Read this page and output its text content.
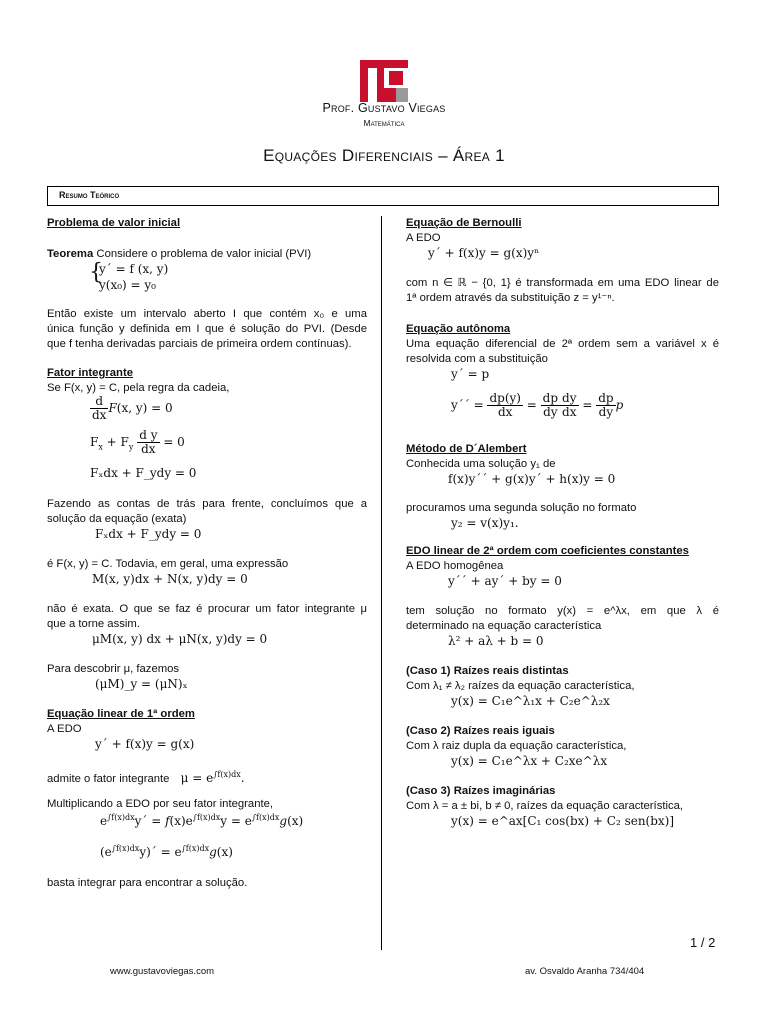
Prof. Gustavo Viegas
Matemática
Equações Diferenciais – Área 1
Resumo Teórico
Problema de valor inicial
Teorema Considere o problema de valor inicial (PVI)
{
y´ = f (x, y)
y(x₀) = y₀
Então existe um intervalo aberto I que contém x₀ e uma
única função y definida em I que é solução do PVI. (Desde
que f tenha derivadas parciais de primeira ordem contínuas).
Fator integrante
Se F(x, y) = C, pela regra da cadeia,
$\frac{d}{dx} F(x$, y) = 0
$F_x + F_y \frac{\text{d y}}{dx} = 0$
Fₓdx + F_ydy = 0
Fazendo as contas de trás para frente, concluímos que a
solução da equação (exata)
Fₓdx + F_ydy = 0
é F(x, y) = C. Todavia, em geral, uma expressão
M(x, y)dx + N(x, y)dy = 0
não é exata. O que se faz é procurar um fator integrante μ
que a torne assim.
μM(x, y) dx + μN(x, y)dy = 0
Para descobrir μ, fazemos
(μM)_y = (μN)ₓ
Equação linear de 1ª ordem
A EDO
y´ + f(x)y = g(x)
admite o fator integrante $\mu = e^{\int f(x)dx}$.
Multiplicando a EDO por seu fator integrante,
$e^{\int f(x)dx}y´ = f(x)e^{\int f(x)dx}y = e^{\int f(x)dx}g(x)$
$(e^{\int f(x)dx}y)´ = e^{\int f(x)dx}g(x)$
basta integrar para encontrar a solução.
Equação de Bernoulli
A EDO
y´ + f(x)y = g(x)yⁿ
com n ∈ ℝ − {0, 1} é transformada em uma EDO linear de
1ª ordem através da substituição z = y¹⁻ⁿ.
Equação autônoma
Uma equação diferencial de 2ª ordem sem a variável x é
resolvida com a substituição
y´ = p
y´´ = $\frac{dp(y)}{dx} = \frac{dp}{dy} \frac{dy}{dx} = \frac{dp}{dy}$ p
Método de D´Alembert
Conhecida uma solução y₁ de
f(x)y´´ + g(x)y´ + h(x)y = 0
procuramos uma segunda solução no formato
y₂ = v(x)y₁.
EDO linear de 2ª ordem com coeficientes constantes
A EDO homogênea
y´´ + ay´ + by = 0
tem solução no formato y(x) = e^λx, em que λ é
determinado na equação característica
λ² + aλ + b = 0
(Caso 1) Raízes reais distintas
Com λ₁ ≠ λ₂ raízes da equação característica,
y(x) = C₁e^λ₁x + C₂e^λ₂x
(Caso 2) Raízes reais iguais
Com λ raiz dupla da equação característica,
y(x) = C₁e^λx + C₂xe^λx
(Caso 3) Raízes imaginárias
Com λ = a ± bi, b ≠ 0, raízes da equação característica,
y(x) = e^ax[C₁ cos(bx) + C₂ sen(bx)]
1 / 2
www.gustavoviegas.com	av. Osvaldo Aranha 734/404
